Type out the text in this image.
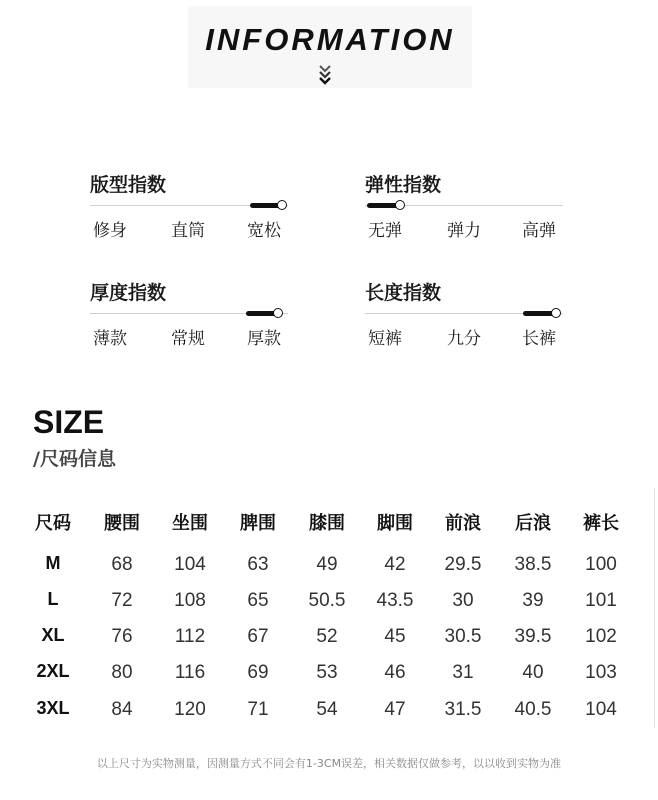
INFORMATION
版型指数
修身	直筒 宽松
弹性指数
无弹	弹力 高弹
厚度指数
薄款	常规 厚款
长度指数
短裤	九分 长裤
SIZE
/尺码信息
尺码 腰围 坐围 脾围 膝围 脚围 前浪 后浪 裤长
M	68 104 63	49 42 29.5 38.5 100
L	72 108 65 50.5 43.5 30	39 101
XL 76 112 67	52 45 30.5 39.5 102
2XL 80 116 69	53 46 31	40 103
3XL 84 120 71	54 47 31.5 40.5 104
以上尺寸为实物测量，因测量方式不同会有1-3CM误差，相关数据仅做参考，以以收到实物为准
